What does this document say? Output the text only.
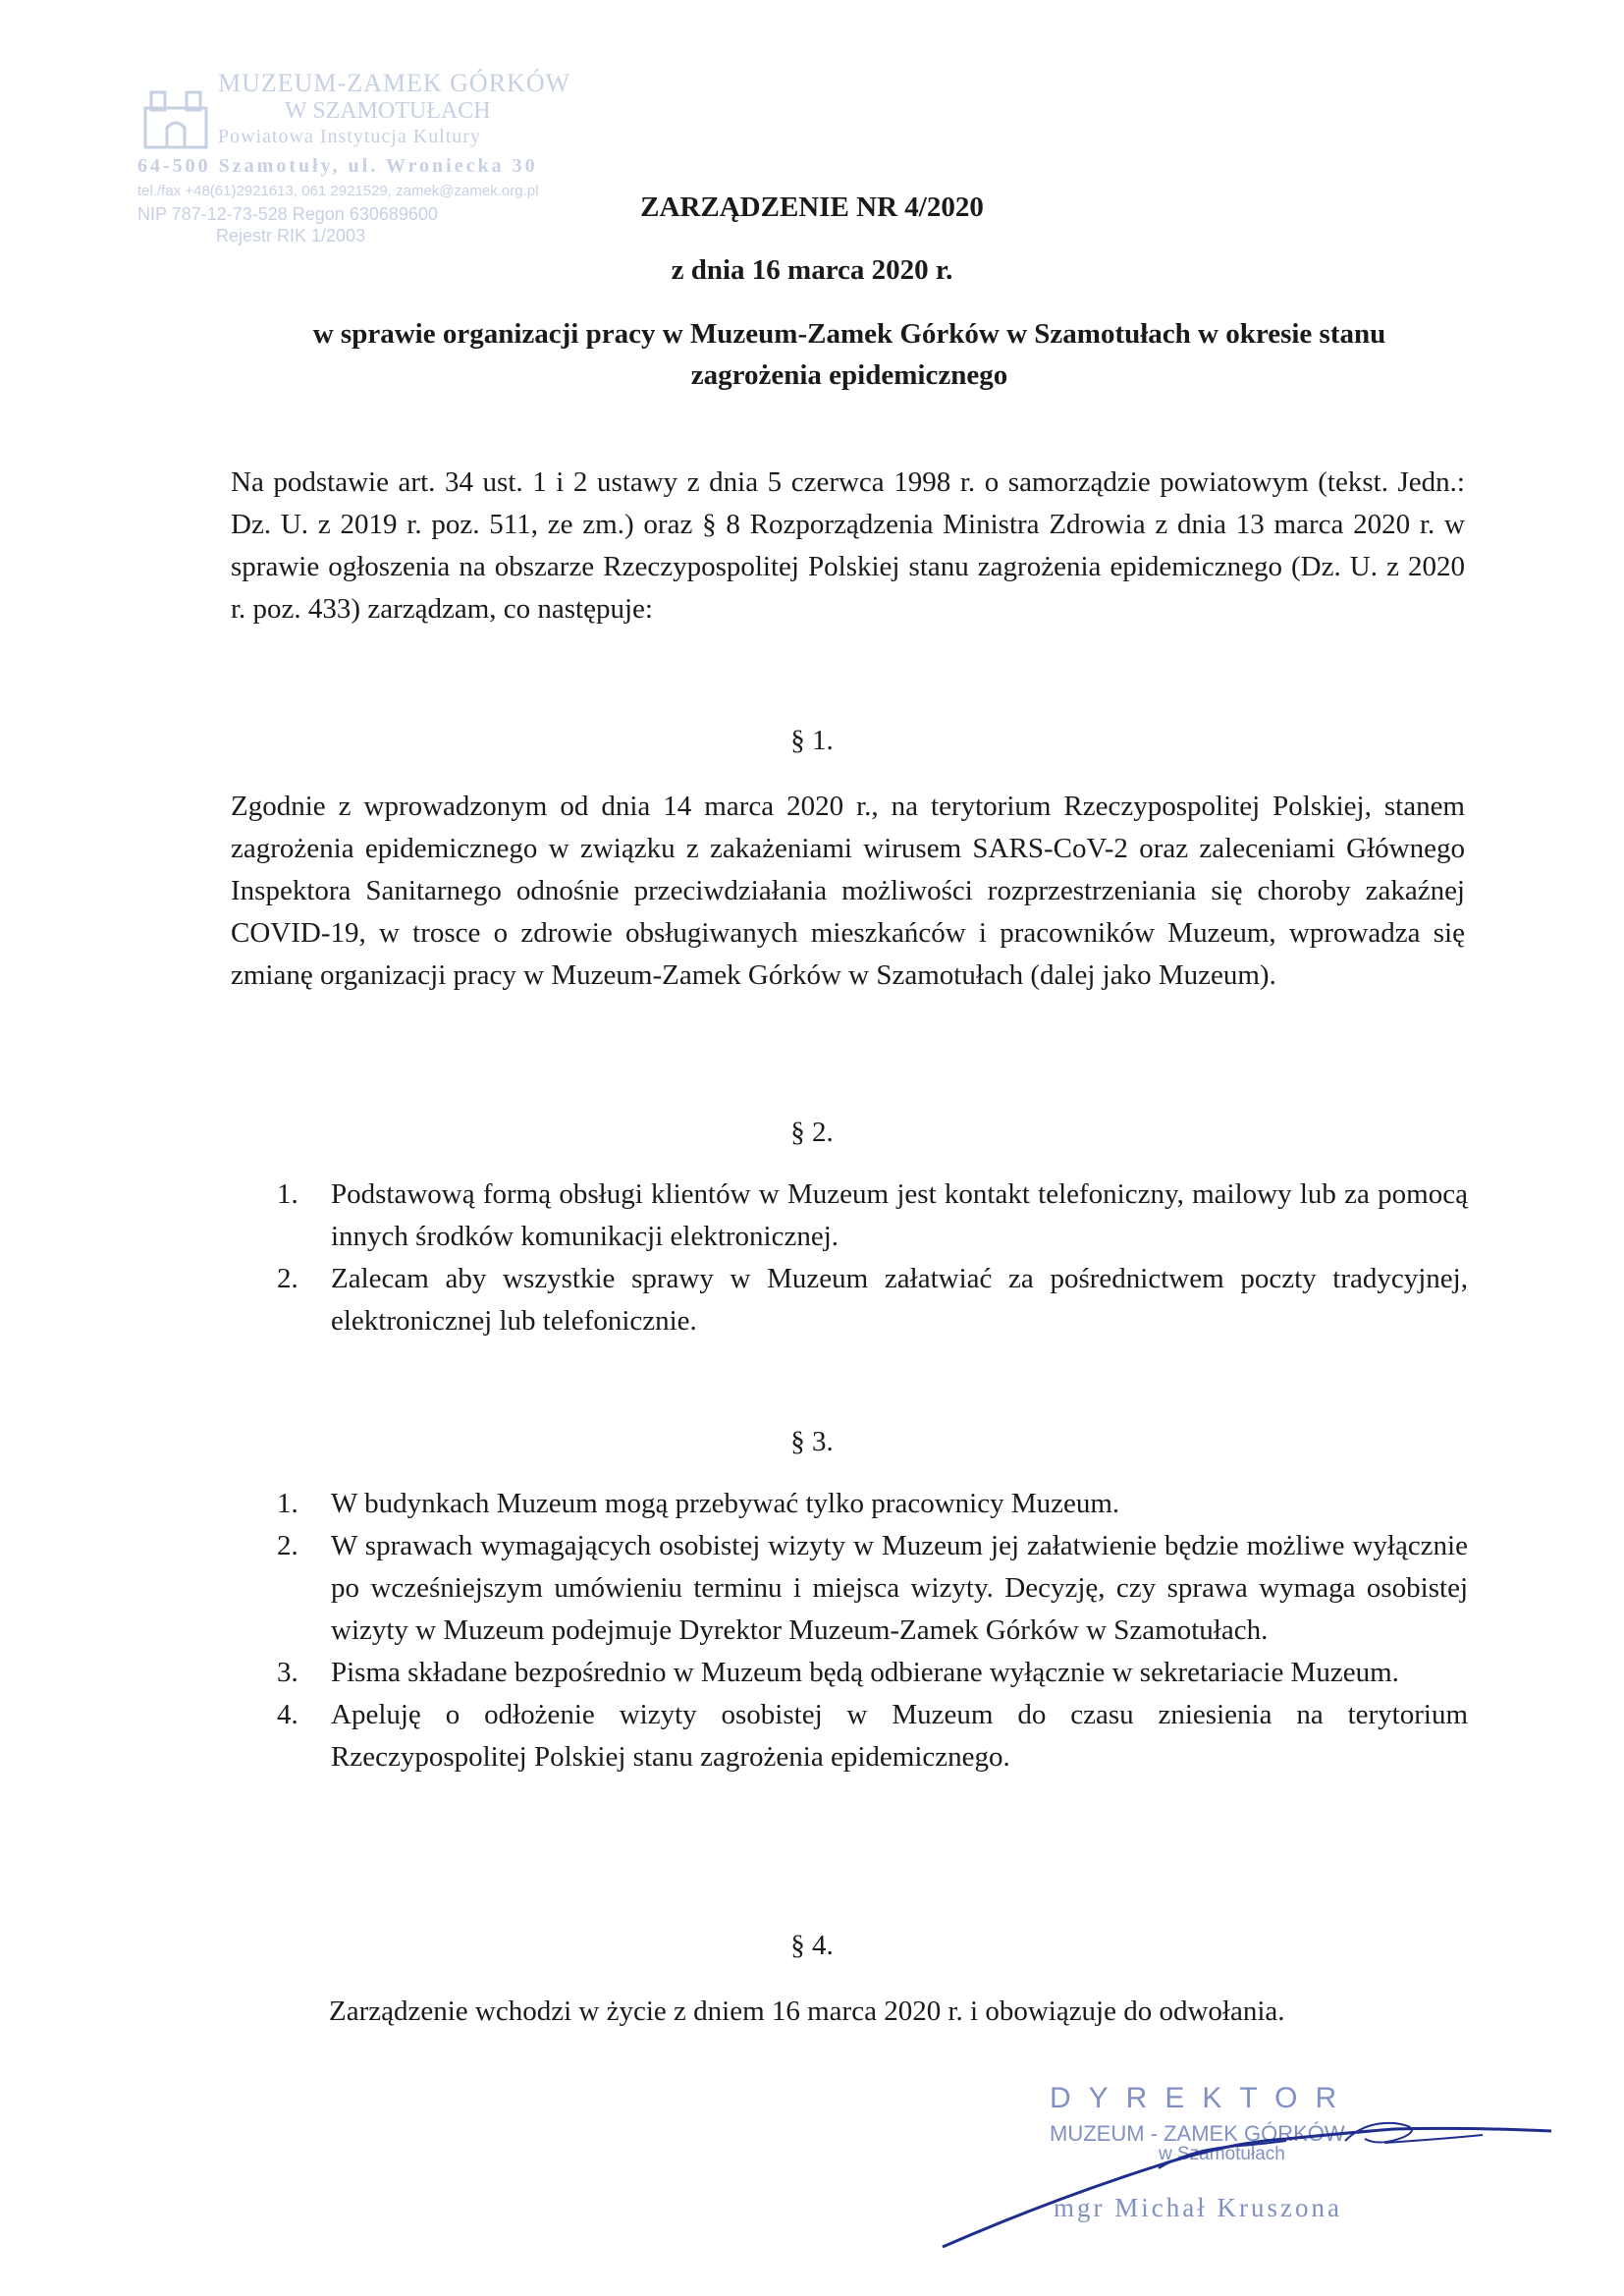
MUZEUM-ZAMEK GÓRKÓW
W SZAMOTUŁACH
Powiatowa Instytucja Kultury
64-500 Szamotuły, ul. Wroniecka 30
tel./fax +48(61)2921613, 061 2921529, zamek@zamek.org.pl
NIP 787-12-73-528 Regon 630689600
Rejestr RIK 1/2003

ZARZĄDZENIE NR 4/2020

z dnia 16 marca 2020 r.

w sprawie organizacji pracy w Muzeum-Zamek Górków w Szamotułach w okresie stanu
zagrożenia epidemicznego

Na podstawie art. 34 ust. 1 i 2 ustawy z dnia 5 czerwca 1998 r. o samorządzie powiatowym (tekst. Jedn.: Dz. U. z 2019 r. poz. 511, ze zm.) oraz § 8 Rozporządzenia Ministra Zdrowia z dnia 13 marca 2020 r. w sprawie ogłoszenia na obszarze Rzeczypospolitej Polskiej stanu zagrożenia epidemicznego (Dz. U. z 2020 r. poz. 433) zarządzam, co następuje:

§ 1.

Zgodnie z wprowadzonym od dnia 14 marca 2020 r., na terytorium Rzeczypospolitej Polskiej, stanem zagrożenia epidemicznego w związku z zakażeniami wirusem SARS-CoV-2 oraz zaleceniami Głównego Inspektora Sanitarnego odnośnie przeciwdziałania możliwości rozprzestrzeniania się choroby zakaźnej COVID-19, w trosce o zdrowie obsługiwanych mieszkańców i pracowników Muzeum, wprowadza się zmianę organizacji pracy w Muzeum-Zamek Górków w Szamotułach (dalej jako Muzeum).

§ 2.

1. Podstawową formą obsługi klientów w Muzeum jest kontakt telefoniczny, mailowy lub za pomocą innych środków komunikacji elektronicznej.
2. Zalecam aby wszystkie sprawy w Muzeum załatwiać za pośrednictwem poczty tradycyjnej, elektronicznej lub telefonicznie.

§ 3.

1. W budynkach Muzeum mogą przebywać tylko pracownicy Muzeum.
2. W sprawach wymagających osobistej wizyty w Muzeum jej załatwienie będzie możliwe wyłącznie po wcześniejszym umówieniu terminu i miejsca wizyty. Decyzję, czy sprawa wymaga osobistej wizyty w Muzeum podejmuje Dyrektor Muzeum-Zamek Górków w Szamotułach.
3. Pisma składane bezpośrednio w Muzeum będą odbierane wyłącznie w sekretariacie Muzeum.
4. Apeluję o odłożenie wizyty osobistej w Muzeum do czasu zniesienia na terytorium Rzeczypospolitej Polskiej stanu zagrożenia epidemicznego.

§ 4.

Zarządzenie wchodzi w życie z dniem 16 marca 2020 r. i obowiązuje do odwołania.

DYREKTOR
MUZEUM - ZAMEK GÓRKÓW
w Szamotułach
mgr Michał Kruszona
